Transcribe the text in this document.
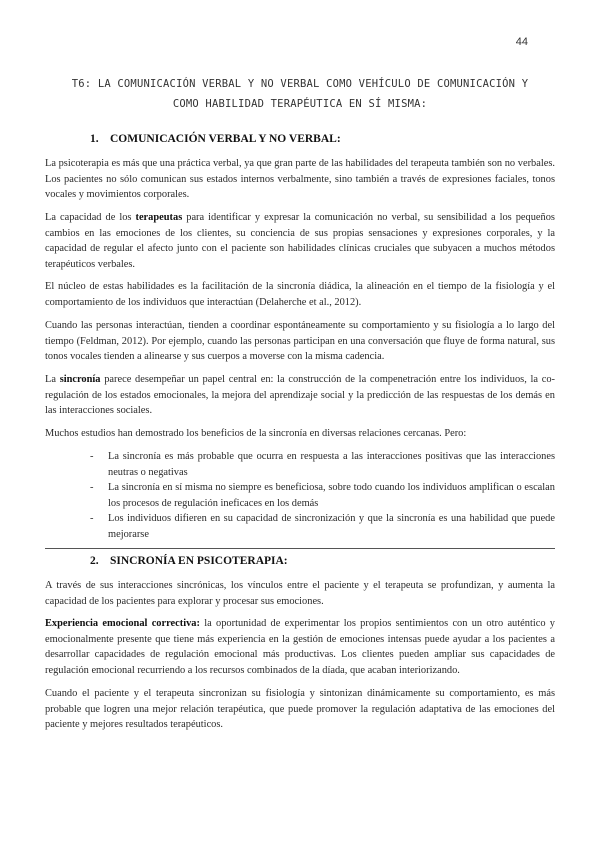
44
T6: LA COMUNICACIÓN VERBAL Y NO VERBAL COMO VEHÍCULO DE COMUNICACIÓN Y
COMO HABILIDAD TERAPÉUTICA EN SÍ MISMA:
1. COMUNICACIÓN VERBAL Y NO VERBAL:

La psicoterapia es más que una práctica verbal, ya que gran parte de las habilidades del terapeuta también son no verbales. Los pacientes no sólo comunican sus estados internos verbalmente, sino también a través de expresiones faciales, tonos vocales y movimientos corporales.

La capacidad de los terapeutas para identificar y expresar la comunicación no verbal, su sensibilidad a los pequeños cambios en las emociones de los clientes, su conciencia de sus propias sensaciones y expresiones corporales, y la capacidad de regular el afecto junto con el paciente son habilidades clínicas cruciales que subyacen a muchos métodos terapéuticos verbales.

El núcleo de estas habilidades es la facilitación de la sincronía diádica, la alineación en el tiempo de la fisiología y el comportamiento de los individuos que interactúan (Delaherche et al., 2012).

Cuando las personas interactúan, tienden a coordinar espontáneamente su comportamiento y su fisiología a lo largo del tiempo (Feldman, 2012). Por ejemplo, cuando las personas participan en una conversación que fluye de forma natural, sus tonos vocales tienden a alinearse y sus cuerpos a moverse con la misma cadencia.

La sincronía parece desempeñar un papel central en: la construcción de la compenetración entre los individuos, la co-regulación de los estados emocionales, la mejora del aprendizaje social y la predicción de las respuestas de los demás en las interacciones sociales.

Muchos estudios han demostrado los beneficios de la sincronía en diversas relaciones cercanas. Pero:

- La sincronía es más probable que ocurra en respuesta a las interacciones positivas que las interacciones neutras o negativas
- La sincronía en sí misma no siempre es beneficiosa, sobre todo cuando los individuos amplifican o escalan los procesos de regulación ineficaces en los demás
- Los individuos difieren en su capacidad de sincronización y que la sincronía es una habilidad que puede mejorarse
2. SINCRONÍA EN PSICOTERAPIA:

A través de sus interacciones sincrónicas, los vínculos entre el paciente y el terapeuta se profundizan, y aumenta la capacidad de los pacientes para explorar y procesar sus emociones.

Experiencia emocional correctiva: la oportunidad de experimentar los propios sentimientos con un otro auténtico y emocionalmente presente que tiene más experiencia en la gestión de emociones intensas puede ayudar a los pacientes a desarrollar capacidades de regulación emocional más productivas. Los clientes pueden ampliar sus capacidades de regulación emocional recurriendo a los recursos combinados de la díada, que acaban interiorizando.

Cuando el paciente y el terapeuta sincronizan su fisiología y sintonizan dinámicamente su comportamiento, es más probable que logren una mejor relación terapéutica, que puede promover la regulación adaptativa de las emociones del paciente y mejores resultados terapéuticos.
